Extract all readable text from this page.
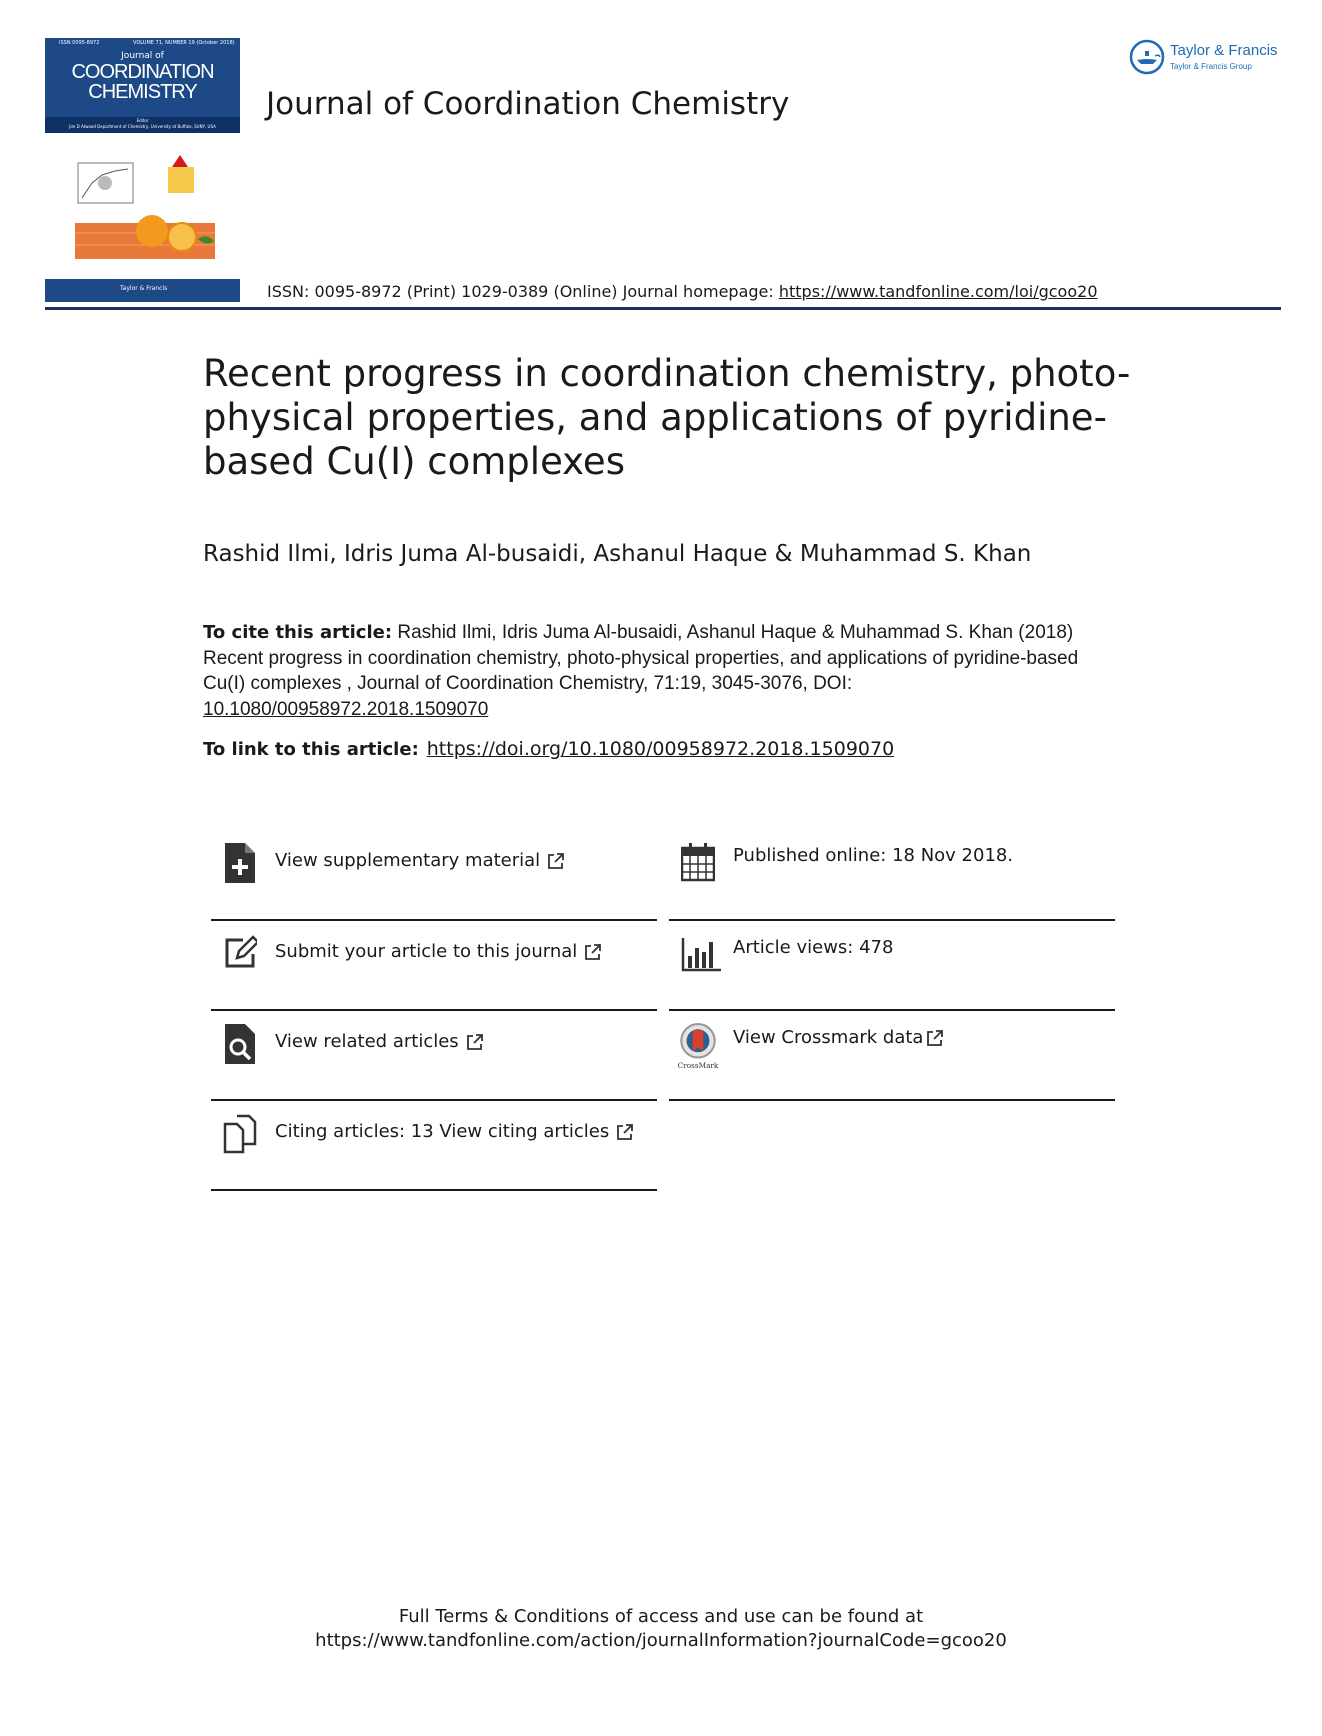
ISSN 0095-8972	VOLUME 71, NUMBER 19 (October 2018)
Journal of
COORDINATION
CHEMISTRY
Editor
Jim D Atwood Department of Chemistry, University at Buffalo, SUNY, USA
Taylor & Francis
Taylor & Francis
Taylor & Francis Group
Journal of Coordination Chemistry
ISSN: 0095-8972 (Print) 1029-0389 (Online) Journal homepage: https://www.tandfonline.com/loi/gcoo20
Recent progress in coordination chemistry, photo-physical properties, and applications of pyridine-based Cu(I) complexes
Rashid Ilmi, Idris Juma Al-busaidi, Ashanul Haque & Muhammad S. Khan
To cite this article: Rashid Ilmi, Idris Juma Al-busaidi, Ashanul Haque & Muhammad S. Khan (2018) Recent progress in coordination chemistry, photo-physical properties, and applications of pyridine-based Cu(I) complexes , Journal of Coordination Chemistry, 71:19, 3045-3076, DOI: 10.1080/00958972.2018.1509070
To link to this article: https://doi.org/10.1080/00958972.2018.1509070
View supplementary material
Submit your article to this journal
View related articles
Citing articles: 13 View citing articles
Published online: 18 Nov 2018.
Article views: 478
CrossMark
View Crossmark data
Full Terms & Conditions of access and use can be found at
https://www.tandfonline.com/action/journalInformation?journalCode=gcoo20
